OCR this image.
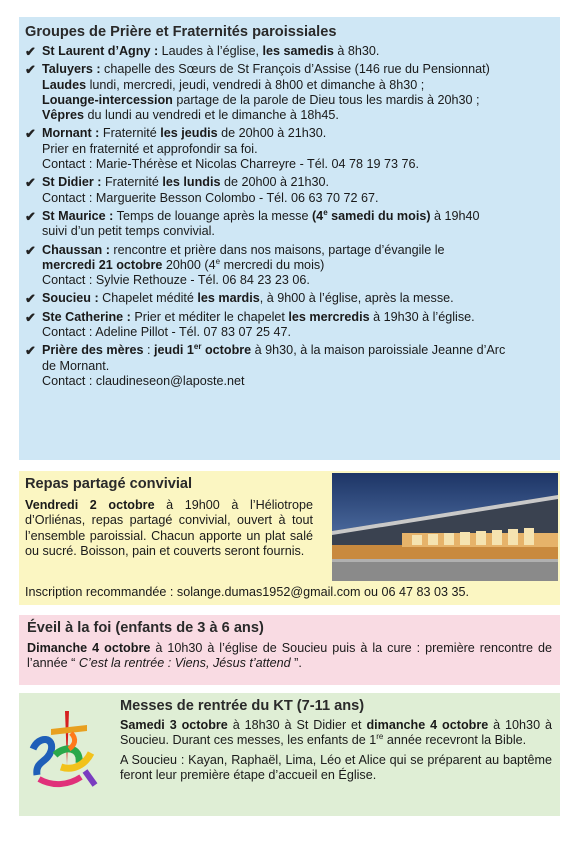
Groupes de Prière et Fraternités paroissiales
✔ St Laurent d’Agny : Laudes à l’église, les samedis à 8h30.
✔ Taluyers : chapelle des Sœurs de St François d’Assise (146 rue du Pensionnat)
Laudes lundi, mercredi, jeudi, vendredi à 8h00 et dimanche à 8h30 ;
Louange-intercession partage de la parole de Dieu tous les mardis à 20h30 ;
Vêpres du lundi au vendredi et le dimanche à 18h45.
✔ Mornant : Fraternité les jeudis de 20h00 à 21h30.
Prier en fraternité et approfondir sa foi.
Contact : Marie-Thérèse et Nicolas Charreyre - Tél. 04 78 19 73 76.
✔ St Didier : Fraternité les lundis de 20h00 à 21h30.
Contact : Marguerite Besson Colombo - Tél. 06 63 70 72 67.
✔ St Maurice : Temps de louange après la messe (4e samedi du mois) à 19h40
suivi d’un petit temps convivial.
✔ Chaussan : rencontre et prière dans nos maisons, partage d’évangile le
mercredi 21 octobre 20h00 (4e mercredi du mois)
Contact : Sylvie Rethouze - Tél. 06 84 23 23 06.
✔ Soucieu : Chapelet médité les mardis, à 9h00 à l’église, après la messe.
✔ Ste Catherine : Prier et méditer le chapelet les mercredis à 19h30 à l’église.
Contact : Adeline Pillot - Tél. 07 83 07 25 47.
✔ Prière des mères : jeudi 1er octobre à 9h30, à la maison paroissiale Jeanne d’Arc
de Mornant.
Contact : claudineseon@laposte.net
Repas partagé convivial
Vendredi 2 octobre à 19h00 à l’Héliotrope d’Orliénas, repas partagé convivial, ouvert à tout l’ensemble paroissial. Chacun apporte un plat salé ou sucré. Boisson, pain et couverts seront fournis.
Inscription recommandée : solange.dumas1952@gmail.com ou 06 47 83 03 35.
Éveil à la foi (enfants de 3 à 6 ans)
Dimanche 4 octobre à 10h30 à l’église de Soucieu puis à la cure : première rencontre de l’année “ C’est la rentrée : Viens, Jésus t’attend ”.
Messes de rentrée du KT (7-11 ans)

Samedi 3 octobre à 18h30 à St Didier et dimanche 4 octobre à 10h30 à Soucieu. Durant ces messes, les enfants de 1re année recevront la Bible.

A Soucieu : Kayan, Raphaël, Lima, Léo et Alice qui se préparent au baptême feront leur première étape d’accueil en Église.
